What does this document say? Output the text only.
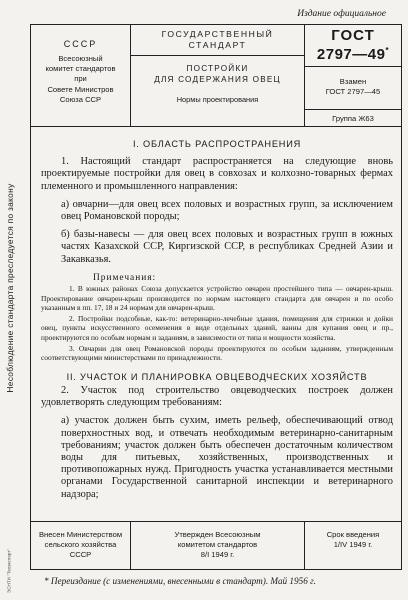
Издание официальное
Несоблюдение стандарта преследуется по закону
СССР
Всесоюзный
комитет стандартов
при
Совете Министров
Союза ССР
ГОСУДАРСТВЕННЫЙ
СТАНДАРТ
ПОСТРОЙКИ
ДЛЯ СОДЕРЖАНИЯ ОВЕЦ
Нормы проектирования
ГОСТ
2797—49*
Взамен
ГОСТ 2797—45
Группа Ж63
I. ОБЛАСТЬ РАСПРОСТРАНЕНИЯ
1. Настоящий стандарт распространяется на следующие вновь проектируемые постройки для овец в совхозах и колхозно-товарных фермах племенного и промышленного направления:
а) овчарни—для овец всех половых и возрастных групп, за исключением овец Романовской породы;
б) базы-навесы — для овец всех половых и возрастных групп в южных частях Казахской ССР, Киргизской ССР, в республиках Средней Азии и Закавказья.
Примечания:
1. В южных районах Союза допускается устройство овчарен простейшего типа — овчарен-крыш. Проектирование овчарен-крыш производится по нормам настоящего стандарта для овчарен и по особо указанным в пп. 17, 18 и 24 нормам для овчарен-крыш.
2. Постройки подсобные, как-то: ветеринарно-лечебные здания, помещения для стрижки и дойки овец, пункты искусственного осеменения в виде отдельных зданий, ванны для купания овец и пр., проектируются по особым нормам и заданиям, в зависимости от типа и мощности хозяйства.
3. Овчарни для овец Романовской породы проектируются по особым заданиям, утвержденным соответствующими министерствами по принадлежности.
II. УЧАСТОК И ПЛАНИРОВКА ОВЦЕВОДЧЕСКИХ ХОЗЯЙСТВ
2. Участок под строительство овцеводческих построек должен удовлетворять следующим требованиям:
а) участок должен быть сухим, иметь рельеф, обеспечивающий отвод поверхностных вод, и отвечать необходимым ветеринарно-санитарным требованиям; участок должен быть обеспечен достаточным количеством воды для питьевых, хозяйственных, производственных и противопожарных нужд. Пригодность участка устанавливается местными органами Государственной санитарной инспекции и ветеринарного надзора;
Внесен Министерством
сельского хозяйства
СССР
Утвержден Всесоюзным
комитетом стандартов
8/I 1949 г.
Срок введения
1/IV 1949 г.
ЭСНТИ "Техэксперт"	* Переиздание (с изменениями, внесенными в стандарт). Май 1956 г.
